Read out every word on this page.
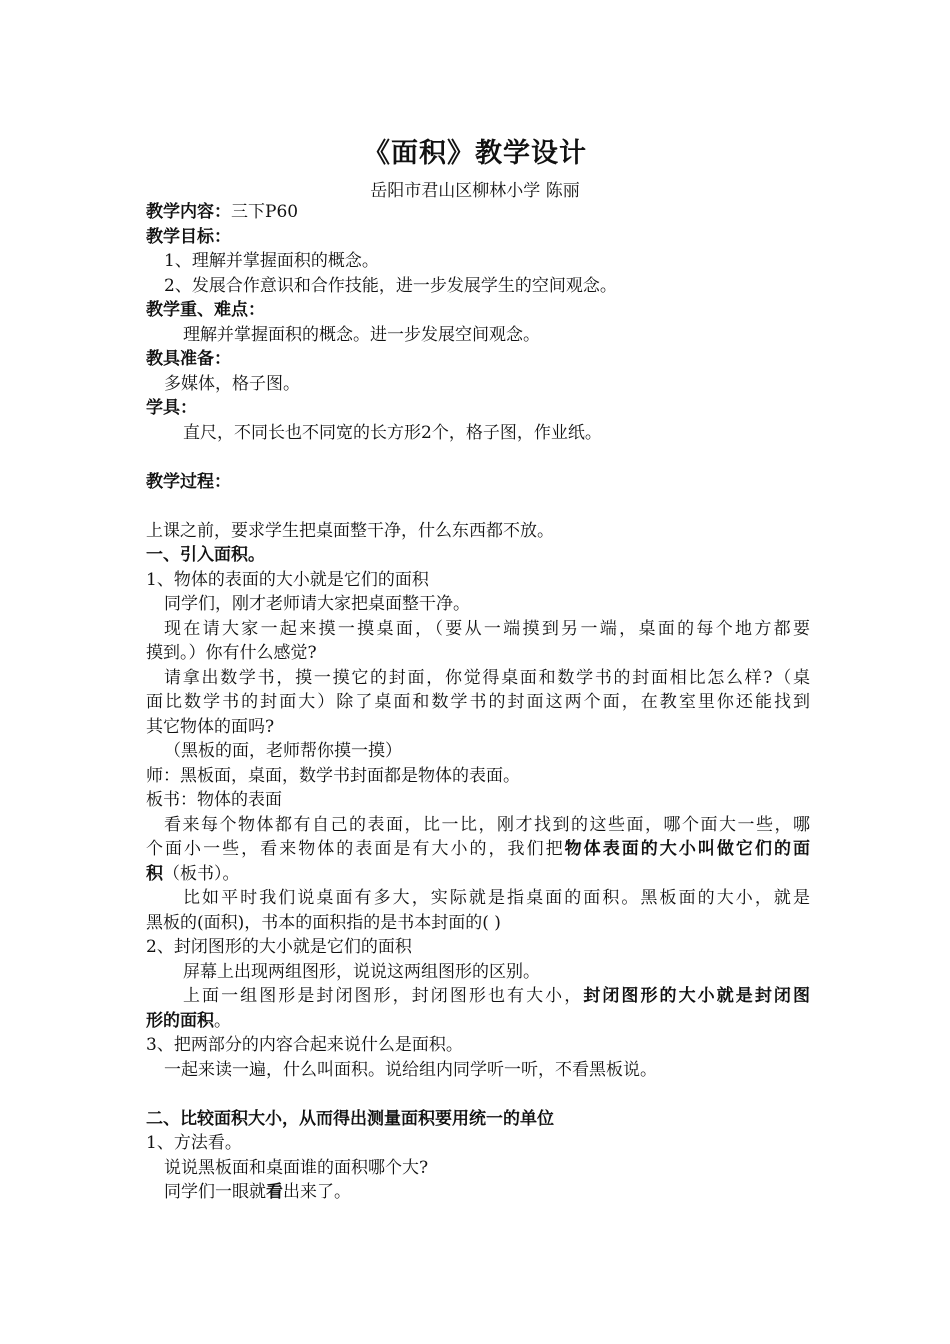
《面积》教学设计
岳阳市君山区柳林小学 陈丽
教学内容：三下P60
教学目标：
1、理解并掌握面积的概念。
2、发展合作意识和合作技能，进一步发展学生的空间观念。
教学重、难点：
理解并掌握面积的概念。进一步发展空间观念。
教具准备：
多媒体，格子图。
学具：
直尺，不同长也不同宽的长方形2个，格子图，作业纸。
教学过程：
上课之前，要求学生把桌面整干净，什么东西都不放。
一、引入面积。
1、物体的表面的大小就是它们的面积
同学们，刚才老师请大家把桌面整干净。
现在请大家一起来摸一摸桌面，（要从一端摸到另一端，桌面的每个地方都要
摸到。）你有什么感觉?
请拿出数学书，摸一摸它的封面，你觉得桌面和数学书的封面相比怎么样?（桌
面比数学书的封面大）除了桌面和数学书的封面这两个面，在教室里你还能找到
其它物体的面吗?
（黑板的面，老师帮你摸一摸）
师：黑板面，桌面，数学书封面都是物体的表面。
板书：物体的表面
看来每个物体都有自己的表面，比一比，刚才找到的这些面，哪个面大一些，哪
个面小一些，看来物体的表面是有大小的，我们把物体表面的大小叫做它们的面
积（板书）。
比如平时我们说桌面有多大，实际就是指桌面的面积。黑板面的大小，就是
黑板的(面积)，书本的面积指的是书本封面的( )
2、封闭图形的大小就是它们的面积
屏幕上出现两组图形，说说这两组图形的区别。
上面一组图形是封闭图形，封闭图形也有大小，封闭图形的大小就是封闭图
形的面积。
3、把两部分的内容合起来说什么是面积。
一起来读一遍，什么叫面积。说给组内同学听一听，不看黑板说。
二、比较面积大小，从而得出测量面积要用统一的单位
1、方法看。
说说黑板面和桌面谁的面积哪个大?
同学们一眼就看出来了。
